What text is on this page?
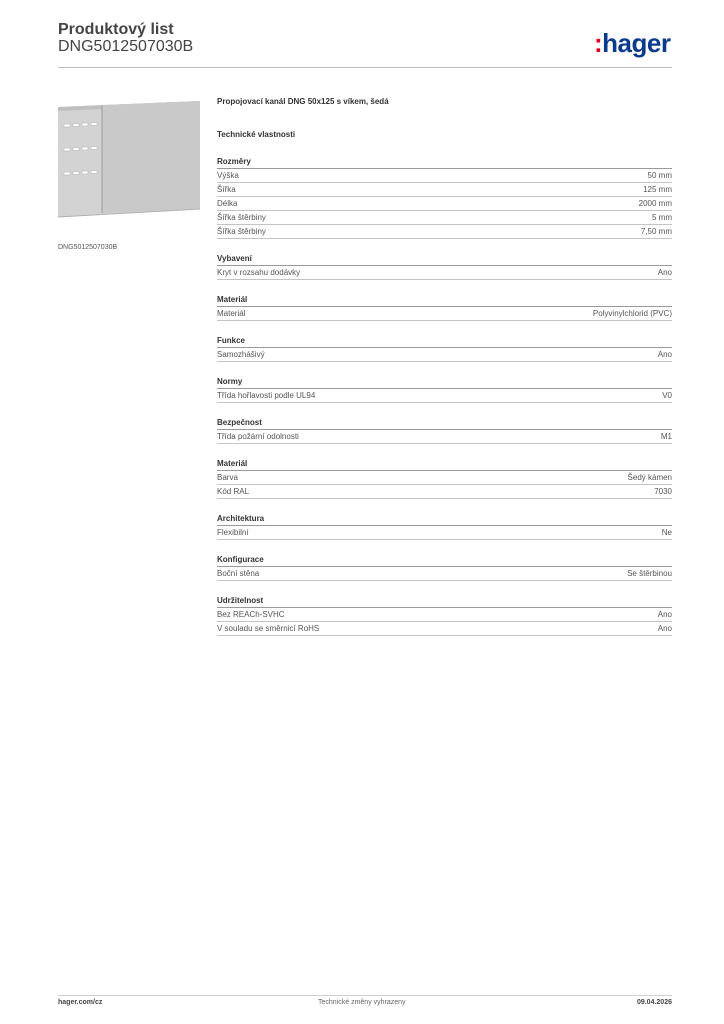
Produktový list
DNG5012507030B	:hager
DNG5012507030B
Propojovací kanál DNG 50x125 s víkem, šedá
Technické vlastnosti
Rozměry
Výška	50 mm
Šířka	125 mm
Délka	2000 mm
Šířka štěrbiny	5 mm
Šířka štěrbiny	7,50 mm
Vybavení
Kryt v rozsahu dodávky	Ano
Materiál
Materiál	Polyvinylchlorid (PVC)
Funkce
Samozhášivý	Ano
Normy
Třída hořlavosti podle UL94	V0
Bezpečnost
Třída požární odolnosti	M1
Materiál
Barva	Šedý kámen
Kód RAL	7030
Architektura
Flexibilní	Ne
Konfigurace
Boční stěna	Se štěrbinou
Udržitelnost
Bez REACh-SVHC	Ano
V souladu se směrnicí RoHS	Ano
hager.com/cz	Technické změny vyhrazeny	09.04.2026
